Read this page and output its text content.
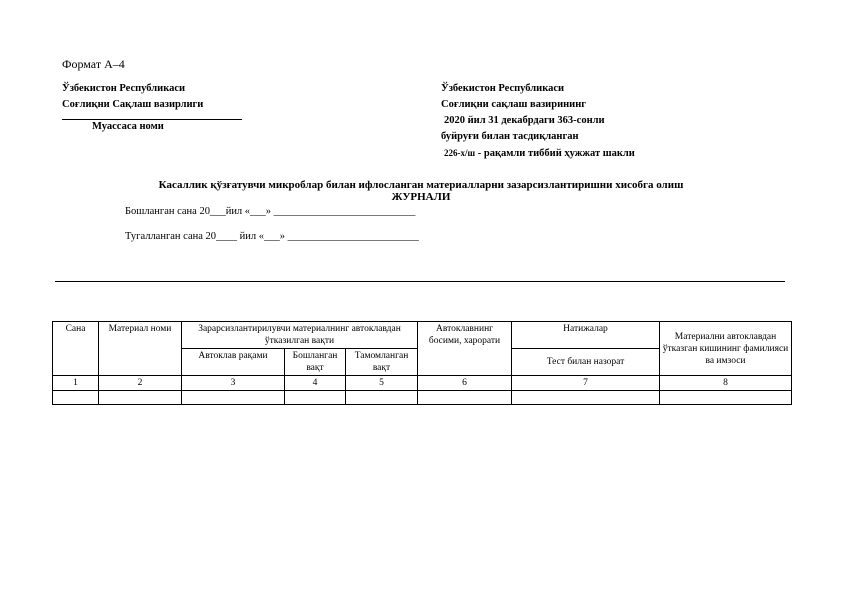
Формат А–4
Ўзбекистон Республикаси
Соғлиқни Сақлаш вазирлиги
Муассаса номи
Ўзбекистон Республикаси
Соғлиқни сақлаш вазирининг
2020 йил 31 декабрдаги 363-сонли
буйруғи билан тасдиқланган
226-х/ш - рақамли тиббий ҳужжат шакли
Касаллик қўзғатувчи микроблар билан ифлосланган материалларни зазарсизлантиришни хисобга олиш
ЖУРНАЛИ
Бошланган сана 20___йил «___» ___________________________
Тугалланган сана 20____ йил «___» _________________________
Сана	Материал номи	Зарарсизлантирилувчи материалнинг автоклавдан ўтказилган вақти			Автоклавнинг босими, харорати	Натижалар	Материални автоклавдан ўтказган кишининг фамилияси ва имзоси
		Автоклав рақами	Бошланган вақт	Тамомланган вақт		Тест билан назорат	
1	2	3	4	5	6	7	8
